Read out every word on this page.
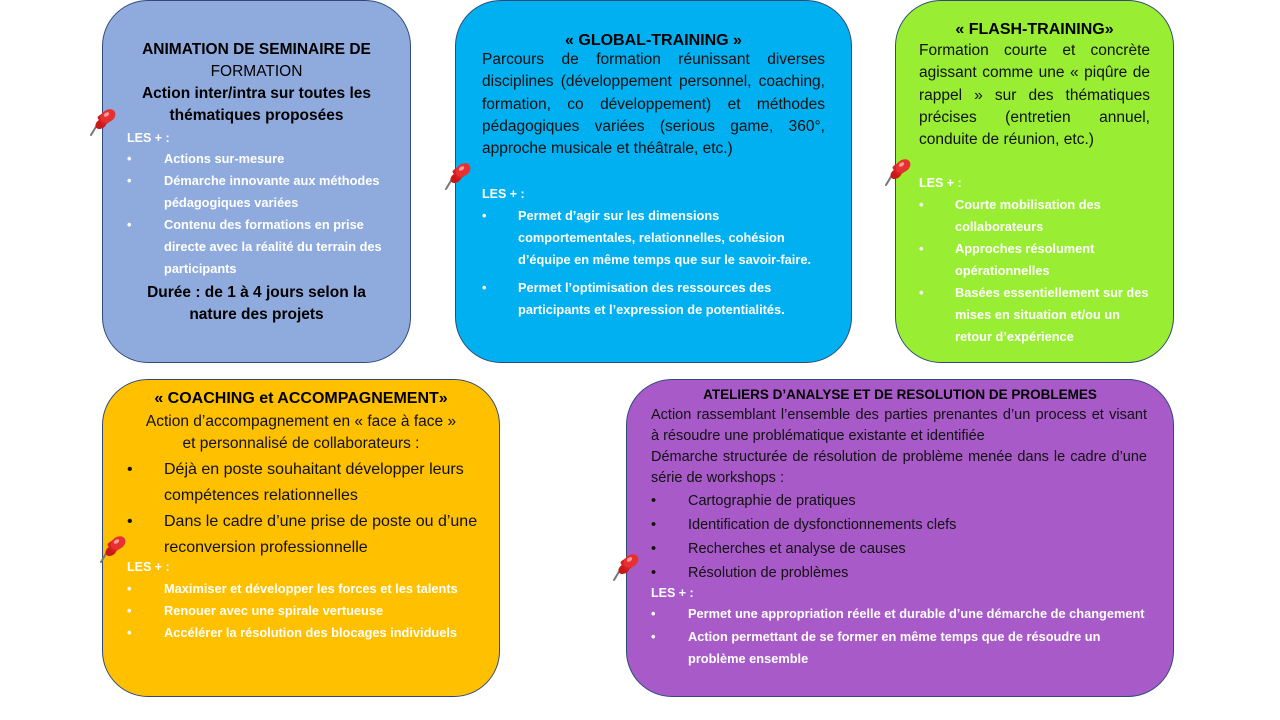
ANIMATION DE SEMINAIRE DE
FORMATION
Action inter/intra sur toutes les
thématiques proposées
LES + :
•	Actions sur-mesure
•	Démarche innovante aux méthodes pédagogiques variées
•	Contenu des formations en prise directe avec la réalité du terrain des participants
Durée : de 1 à 4 jours selon la
nature des projets
« GLOBAL-TRAINING »
Parcours de formation réunissant diverses disciplines (développement personnel, coaching, formation, co développement) et méthodes pédagogiques variées (serious game, 360°, approche musicale et théâtrale, etc.)
LES + :
• Permet d’agir sur les dimensions comportementales, relationnelles, cohésion d’équipe en même temps que sur le savoir-faire.
• Permet l’optimisation des ressources des participants et l’expression de potentialités.
« FLASH-TRAINING»
Formation courte et concrète agissant comme une « piqûre de rappel » sur des thématiques précises (entretien annuel, conduite de réunion, etc.)
LES + :
• Courte mobilisation des collaborateurs
• Approches résolument opérationnelles
• Basées essentiellement sur des mises en situation et/ou un retour d’expérience
« COACHING et ACCOMPAGNEMENT»
Action d’accompagnement en « face à face »
et personnalisé de collaborateurs :
• Déjà en poste souhaitant développer leurs compétences relationnelles
• Dans le cadre d’une prise de poste ou d’une reconversion professionnelle
LES + :
•	Maximiser et développer les forces et les talents
•	Renouer avec une spirale vertueuse
•	Accélérer la résolution des blocages individuels
ATELIERS D’ANALYSE ET DE RESOLUTION DE PROBLEMES
Action rassemblant l’ensemble des parties prenantes d’un process et visant à résoudre une problématique existante et identifiée
Démarche structurée de résolution de problème menée dans le cadre d’une série de workshops :
• Cartographie de pratiques
• Identification de dysfonctionnements clefs
• Recherches et analyse de causes
• Résolution de problèmes
LES + :
•	Permet une appropriation réelle et durable d’une démarche de changement
•	Action permettant de se former en même temps que de résoudre un problème ensemble
